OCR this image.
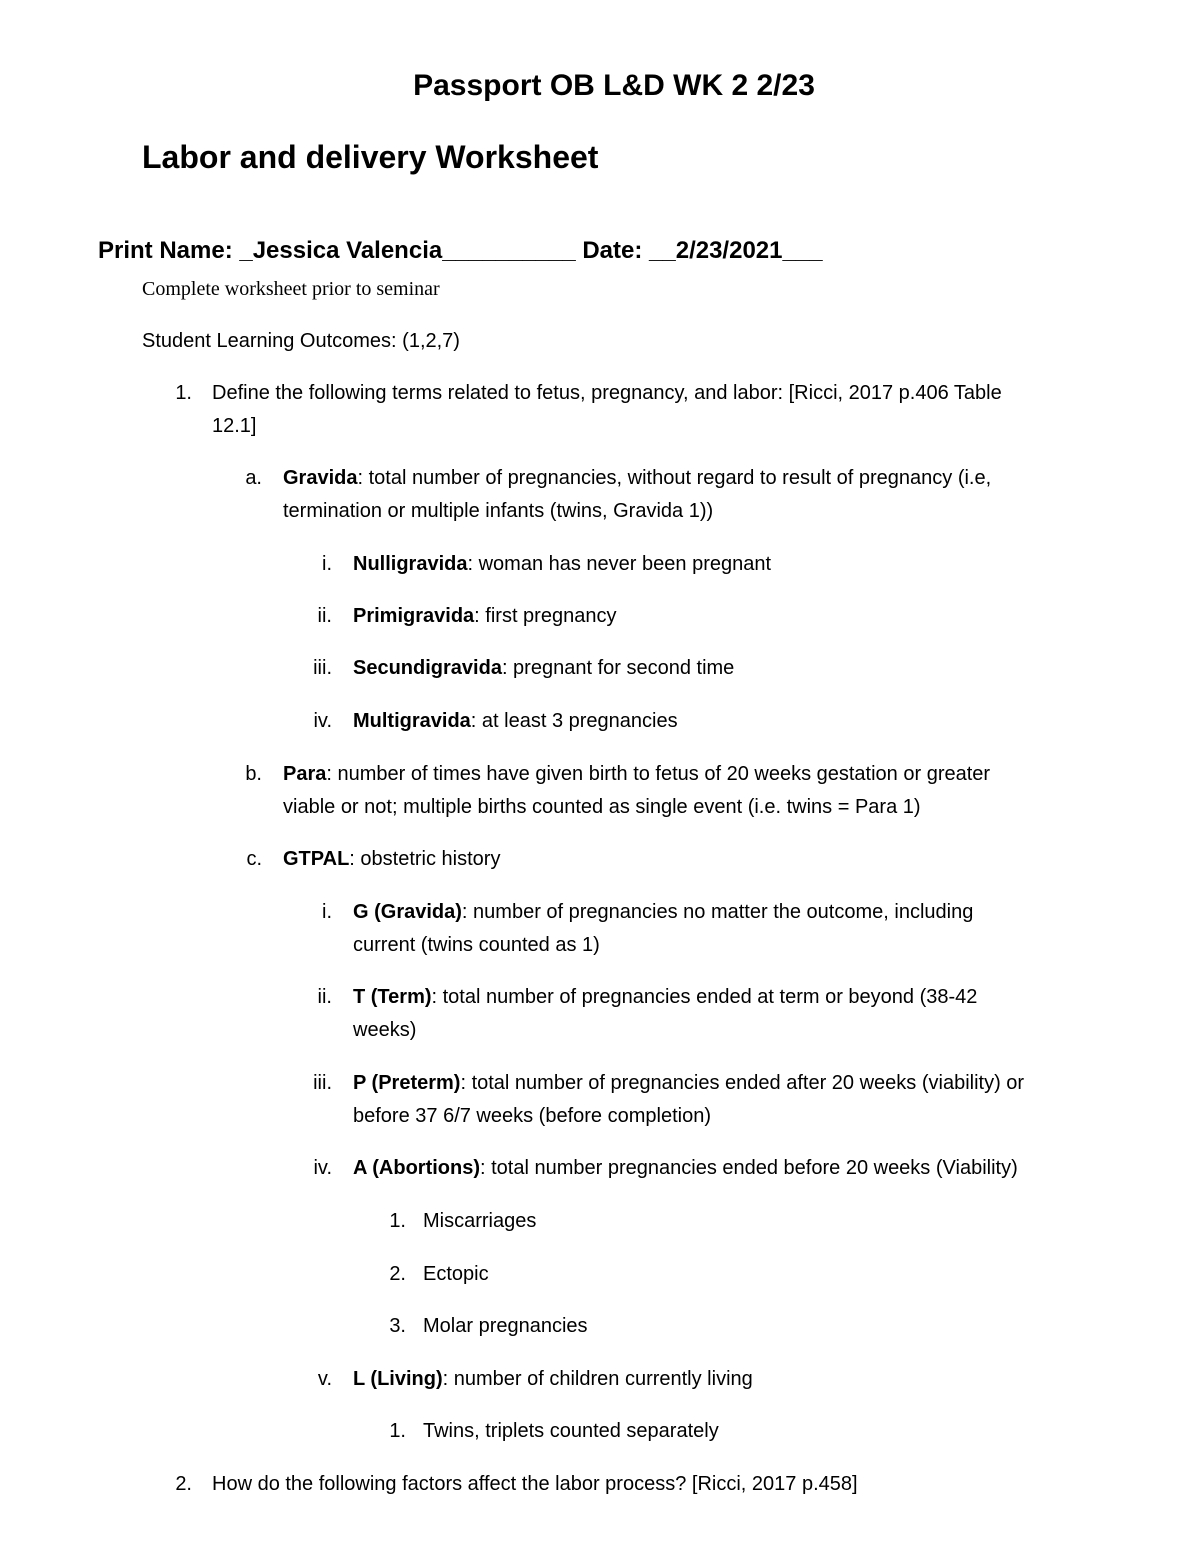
Passport OB L&D WK 2 2/23
Labor and delivery Worksheet
Print Name: _Jessica Valencia__________ Date: __2/23/2021___
Complete worksheet prior to seminar
Student Learning Outcomes: (1,2,7)
1. Define the following terms related to fetus, pregnancy, and labor: [Ricci, 2017 p.406 Table
12.1]
a. Gravida: total number of pregnancies, without regard to result of pregnancy (i.e,
termination or multiple infants (twins, Gravida 1))
i. Nulligravida: woman has never been pregnant
ii. Primigravida: first pregnancy
iii. Secundigravida: pregnant for second time
iv. Multigravida: at least 3 pregnancies
b. Para: number of times have given birth to fetus of 20 weeks gestation or greater
viable or not; multiple births counted as single event (i.e. twins = Para 1)
c. GTPAL: obstetric history
i. G (Gravida): number of pregnancies no matter the outcome, including
current (twins counted as 1)
ii. T (Term): total number of pregnancies ended at term or beyond (38-42
weeks)
iii. P (Preterm): total number of pregnancies ended after 20 weeks (viability) or
before 37 6/7 weeks (before completion)
iv. A (Abortions): total number pregnancies ended before 20 weeks (Viability)
1. Miscarriages
2. Ectopic
3. Molar pregnancies
v. L (Living): number of children currently living
1. Twins, triplets counted separately
2. How do the following factors affect the labor process? [Ricci, 2017 p.458]
